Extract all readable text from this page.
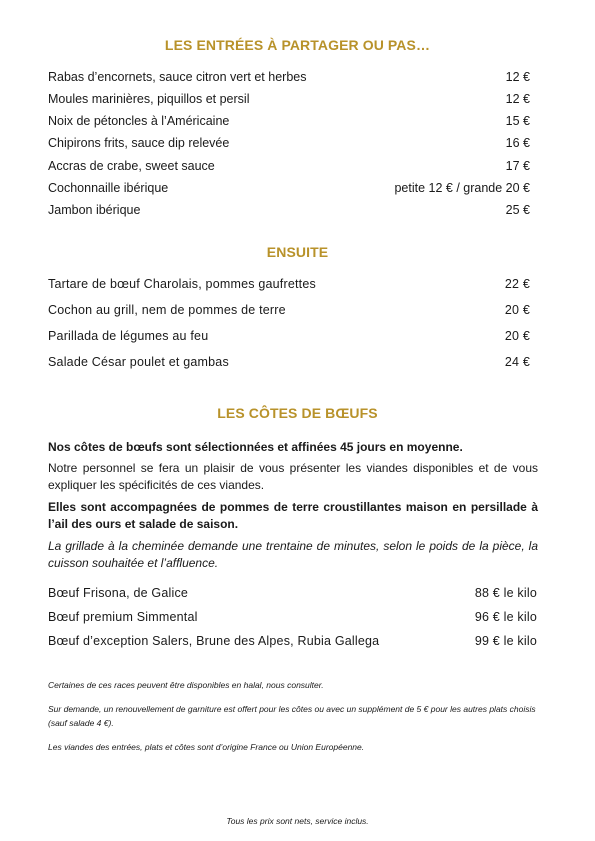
LES ENTRÉES À PARTAGER OU PAS…
Rabas d’encornets, sauce citron vert et herbes	12 €
Moules marinières, piquillos et persil	12 €
Noix de pétoncles à l’Américaine	15 €
Chipirons frits, sauce dip relevée	16 €
Accras de crabe, sweet sauce	17 €
Cochonnaille ibérique	petite 12 € / grande 20 €
Jambon ibérique	25 €
ENSUITE
Tartare de bœuf Charolais, pommes gaufrettes	22 €
Cochon au grill, nem de pommes de terre	20 €
Parillada de légumes au feu	20 €
Salade César poulet et gambas	24 €
LES CÔTES DE BŒUFS

Nos côtes de bœufs sont sélectionnées et affinées 45 jours en moyenne.

Notre personnel se fera un plaisir de vous présenter les viandes disponibles et de vous expliquer les spécificités de ces viandes.

Elles sont accompagnées de pommes de terre croustillantes maison en persillade à l’ail des ours et salade de saison.

La grillade à la cheminée demande une trentaine de minutes, selon le poids de la pièce, la cuisson souhaitée et l’affluence.

Bœuf Frisona, de Galice	88 € le kilo
Bœuf premium Simmental	96 € le kilo
Bœuf d’exception Salers, Brune des Alpes, Rubia Gallega	99 € le kilo

Certaines de ces races peuvent être disponibles en halal, nous consulter.

Sur demande, un renouvellement de garniture est offert pour les côtes ou avec un supplément de 5 € pour les autres plats choisis (sauf salade 4 €).

Les viandes des entrées, plats et côtes sont d’origine France ou Union Européenne.

Tous les prix sont nets, service inclus.
